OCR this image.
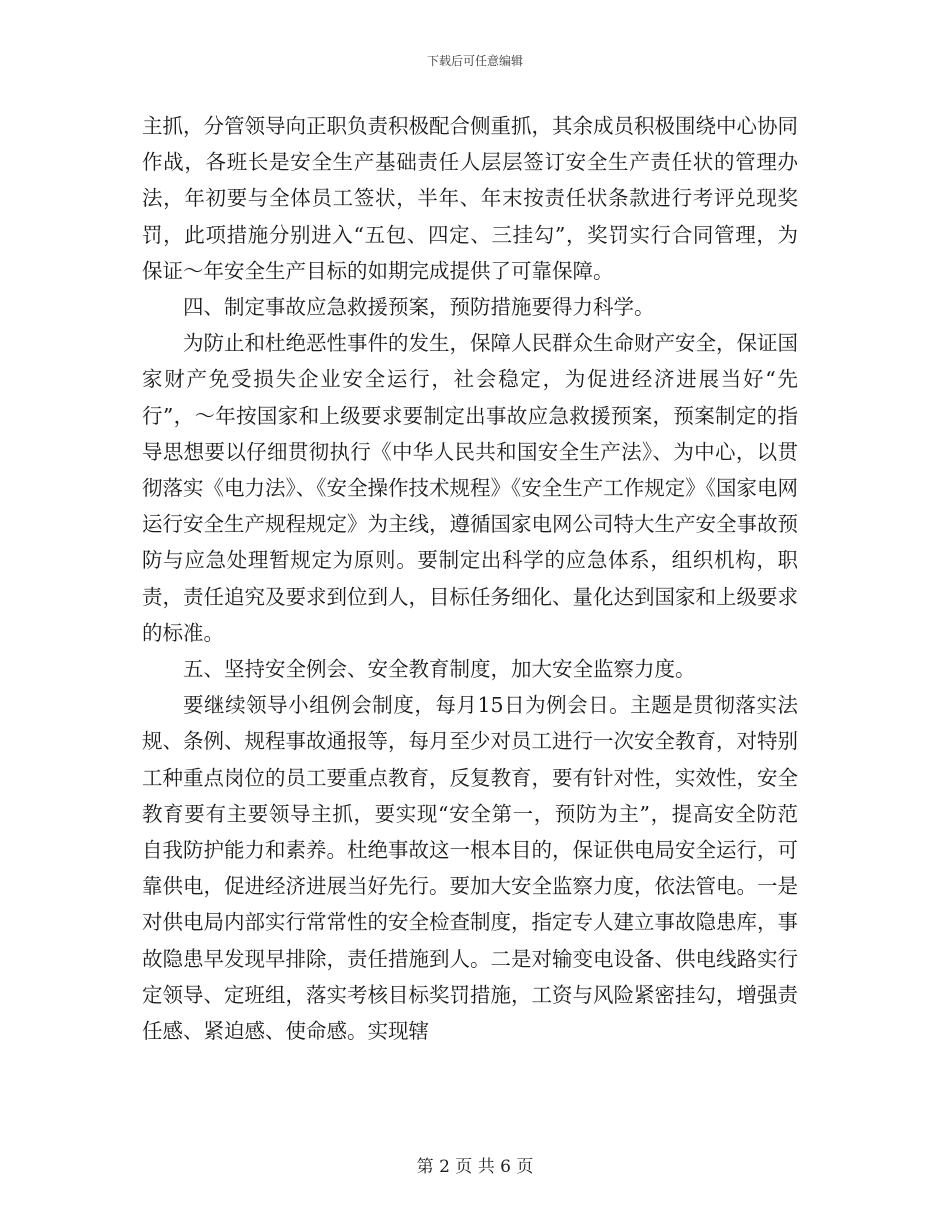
下载后可任意编辑

主抓，分管领导向正职负责积极配合侧重抓，其余成员积极围绕中心协同作战，各班长是安全生产基础责任人层层签订安全生产责任状的管理办法，年初要与全体员工签状，半年、年末按责任状条款进行考评兑现奖罚，此项措施分别进入“五包、四定、三挂勾”，奖罚实行合同管理，为保证～年安全生产目标的如期完成提供了可靠保障。

四、制定事故应急救援预案，预防措施要得力科学。

为防止和杜绝恶性事件的发生，保障人民群众生命财产安全，保证国家财产免受损失企业安全运行，社会稳定，为促进经济进展当好“先行”，～年按国家和上级要求要制定出事故应急救援预案，预案制定的指导思想要以仔细贯彻执行《中华人民共和国安全生产法》、为中心，以贯彻落实《电力法》、《安全操作技术规程》《安全生产工作规定》《国家电网运行安全生产规程规定》为主线，遵循国家电网公司特大生产安全事故预防与应急处理暂规定为原则。要制定出科学的应急体系，组织机构，职责，责任追究及要求到位到人，目标任务细化、量化达到国家和上级要求的标准。

五、坚持安全例会、安全教育制度，加大安全监察力度。

要继续领导小组例会制度，每月15日为例会日。主题是贯彻落实法规、条例、规程事故通报等，每月至少对员工进行一次安全教育，对特别工种重点岗位的员工要重点教育，反复教育，要有针对性，实效性，安全教育要有主要领导主抓，要实现“安全第一，预防为主”，提高安全防范自我防护能力和素养。杜绝事故这一根本目的，保证供电局安全运行，可靠供电，促进经济进展当好先行。要加大安全监察力度，依法管电。一是对供电局内部实行常常性的安全检查制度，指定专人建立事故隐患库，事故隐患早发现早排除，责任措施到人。二是对输变电设备、供电线路实行定领导、定班组，落实考核目标奖罚措施，工资与风险紧密挂勾，增强责任感、紧迫感、使命感。实现辖

第 2 页 共 6 页
